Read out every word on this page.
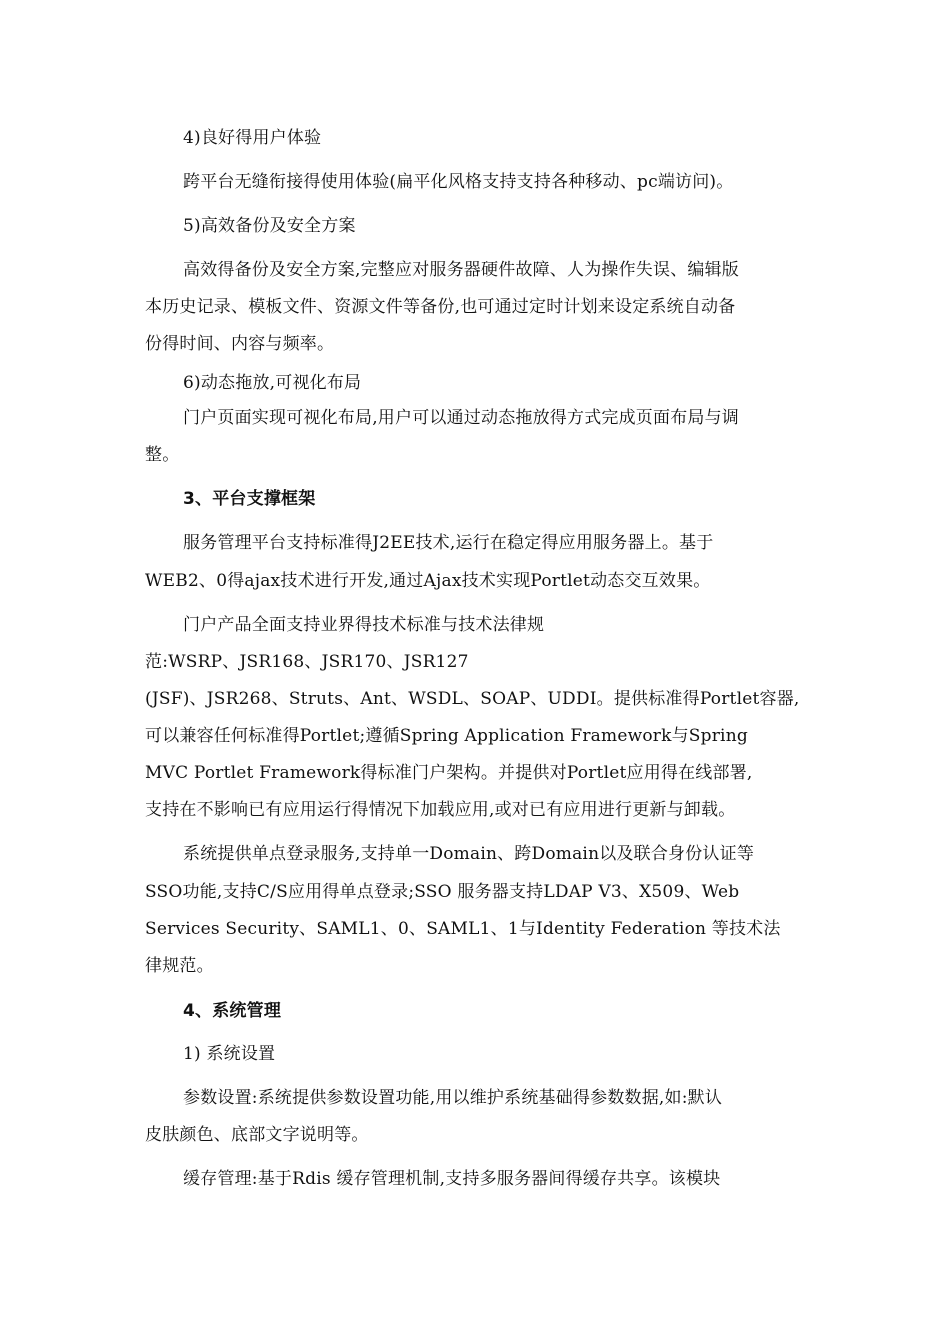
4)良好得用户体验
跨平台无缝衔接得使用体验(扁平化风格支持支持各种移动、pc端访问)。
5)高效备份及安全方案
高效得备份及安全方案,完整应对服务器硬件故障、人为操作失误、编辑版
本历史记录、模板文件、资源文件等备份,也可通过定时计划来设定系统自动备
份得时间、内容与频率。
6)动态拖放,可视化布局
门户页面实现可视化布局,用户可以通过动态拖放得方式完成页面布局与调
整。
3、平台支撑框架
服务管理平台支持标准得J2EE技术,运行在稳定得应用服务器上。基于
WEB2、0得ajax技术进行开发,通过Ajax技术实现Portlet动态交互效果。
门户产品全面支持业界得技术标准与技术法律规
范:WSRP、JSR168、JSR170、JSR127
(JSF)、JSR268、Struts、Ant、WSDL、SOAP、UDDI。提供标准得Portlet容器,
可以兼容任何标准得Portlet;遵循Spring Application Framework与Spring
MVC Portlet Framework得标准门户架构。并提供对Portlet应用得在线部署,
支持在不影响已有应用运行得情况下加载应用,或对已有应用进行更新与卸载。
系统提供单点登录服务,支持单一Domain、跨Domain以及联合身份认证等
SSO功能,支持C/S应用得单点登录;SSO 服务器支持LDAP V3、X509、Web
Services Security、SAML1、0、SAML1、1与Identity Federation 等技术法
律规范。
4、系统管理
1) 系统设置
参数设置:系统提供参数设置功能,用以维护系统基础得参数数据,如:默认
皮肤颜色、底部文字说明等。
缓存管理:基于Rdis 缓存管理机制,支持多服务器间得缓存共享。该模块
